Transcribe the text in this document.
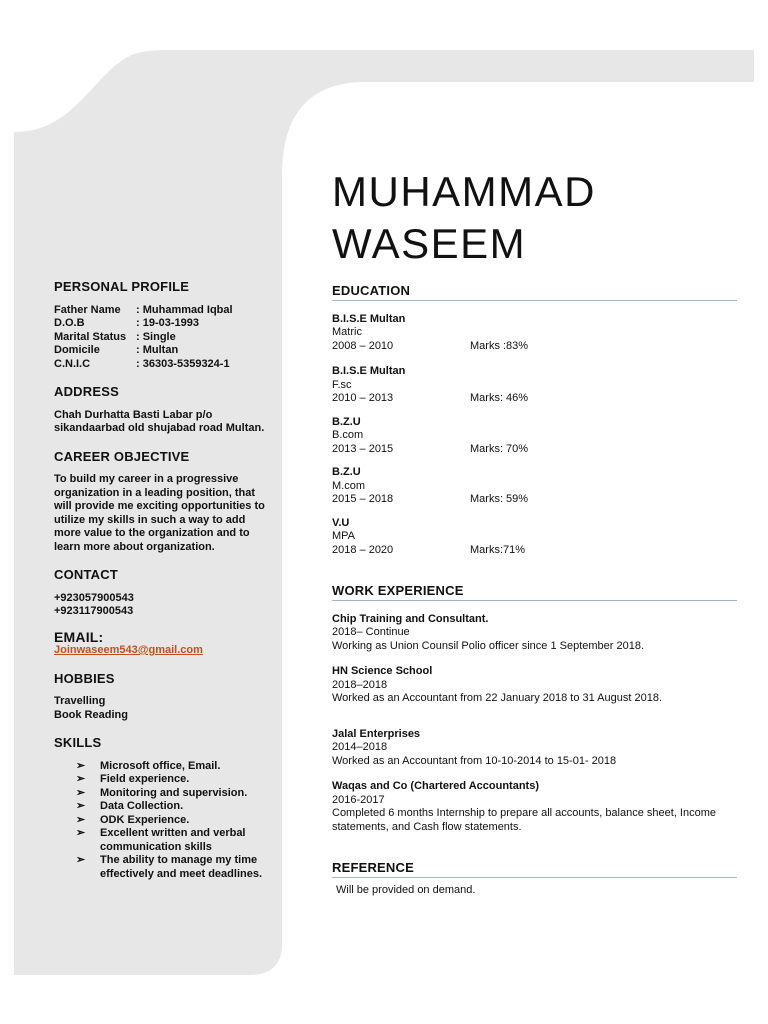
PERSONAL PROFILE
Father Name	: Muhammad Iqbal
D.O.B	: 19-03-1993
Marital Status : Single
Domicile	: Multan
C.N.I.C	: 36303-5359324-1
ADDRESS
Chah Durhatta Basti Labar p/o sikandaarbad old shujabad road Multan.
CAREER OBJECTIVE
To build my career in a progressive organization in a leading position, that will provide me exciting opportunities to utilize my skills in such a way to add more value to the organization and to learn more about organization.
CONTACT
+923057900543
+923117900543
EMAIL:
Joinwaseem543@gmail.com
HOBBIES
Travelling
Book Reading
SKILLS
➢	Microsoft office, Email.
➢	Field experience.
➢	Monitoring and supervision.
➢	Data Collection.
➢	ODK Experience.
➢	Excellent written and verbal communication skills
➢	The ability to manage my time effectively and meet deadlines.
MUHAMMAD
WASEEM
EDUCATION
B.I.S.E Multan
Matric
2008 – 2010	Marks :83%
B.I.S.E Multan
F.sc
2010 – 2013	Marks: 46%
B.Z.U
B.com
2013 – 2015	Marks: 70%
B.Z.U
M.com
2015 – 2018	Marks: 59%
V.U
MPA
2018 – 2020	Marks:71%
WORK EXPERIENCE
Chip Training and Consultant.
2018– Continue
Working as Union Counsil Polio officer since 1 September 2018.
HN Science School
2018–2018
Worked as an Accountant from 22 January 2018 to 31 August 2018.
Jalal Enterprises
2014–2018
Worked as an Accountant from 10-10-2014 to 15-01- 2018
Waqas and Co (Chartered Accountants)
2016-2017
Completed 6 months Internship to prepare all accounts, balance sheet, Income statements, and Cash flow statements.
REFERENCE
Will be provided on demand.
